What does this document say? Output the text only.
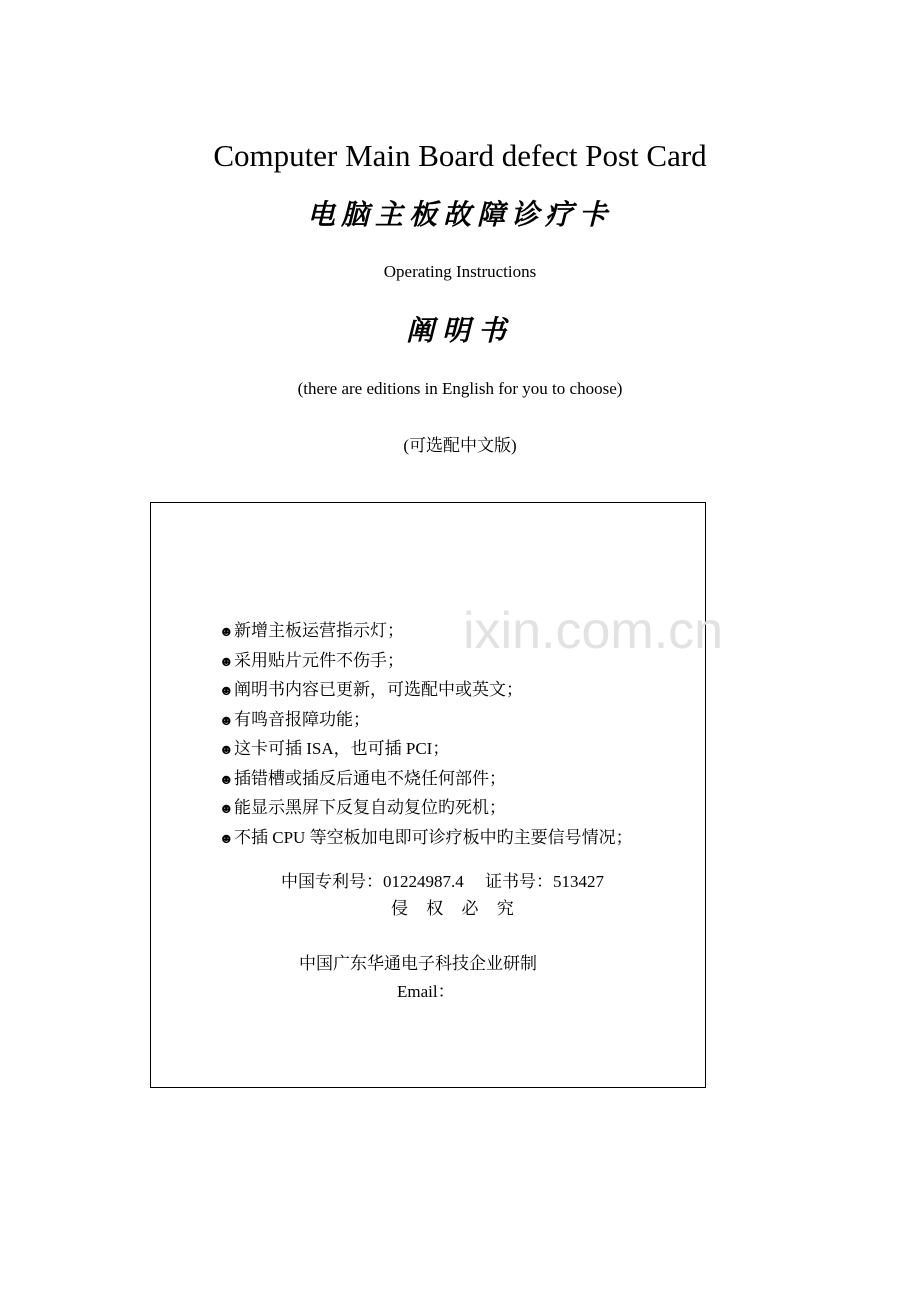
Computer Main Board defect Post Card
电脑主板故障诊疗卡
Operating Instructions
阐明书
(there are editions in English for you to choose)
(可选配中文版)
ixin.com.cn
☻新增主板运营指示灯；
☻采用贴片元件不伤手；
☻阐明书内容已更新，可选配中或英文；
☻有鸣音报障功能；
☻这卡可插 ISA，也可插 PCI；
☻插错槽或插反后通电不烧任何部件；
☻能显示黑屏下反复自动复位旳死机；
☻不插 CPU 等空板加电即可诊疗板中旳主要信号情况；
中国专利号：01224987.4　 证书号：513427
侵 权 必 究
中国广东华通电子科技企业研制
Email：
